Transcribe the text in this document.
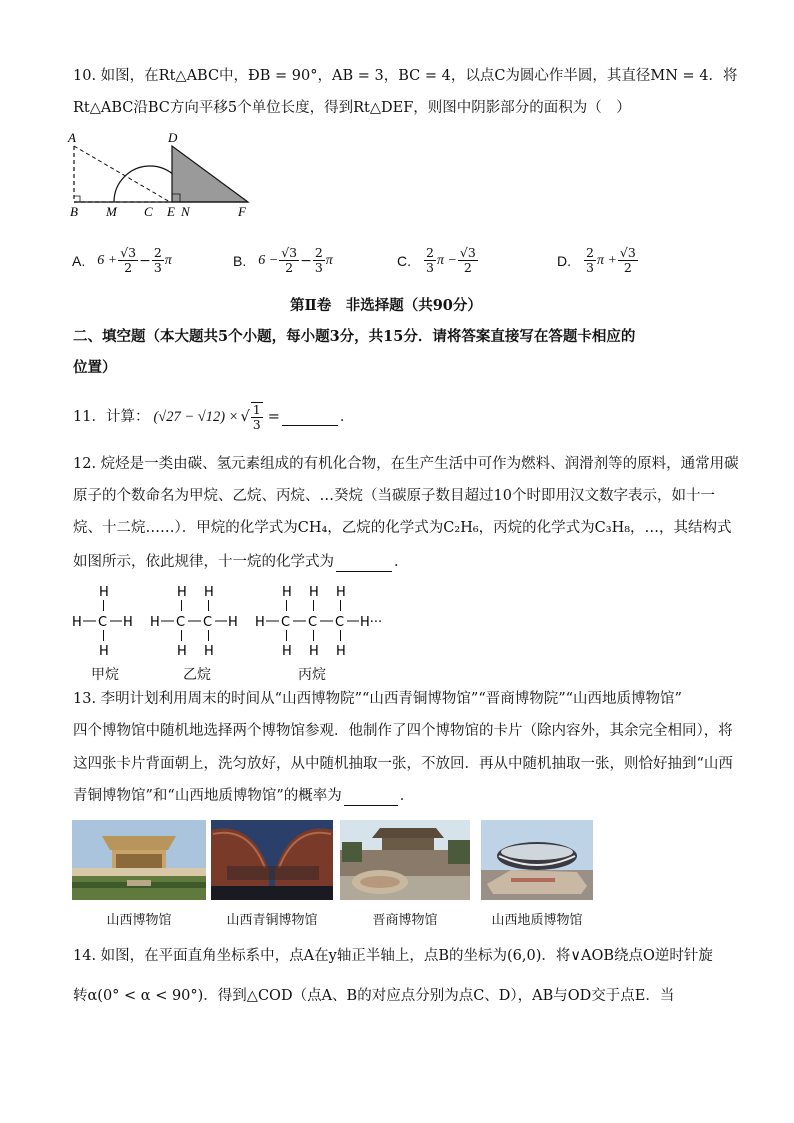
10. 如图，在Rt△ABC中，ÐB = 90°，AB = 3，BC = 4，以点C为圆心作半圆，其直径MN = 4．将
Rt△ABC沿BC方向平移5个单位长度，得到Rt△DEF，则图中阴影部分的面积为（　）
A	D
B M C E N	F
A. $6 + \frac{√3}{2} - \frac{2}{3}$ π	B. $6 - \frac{√3}{2} - \frac{2}{3}$ π	C. $\frac{2}{3}$ $\pi - \frac{√3}{2}$	D. $\frac{2}{3}$ $\pi + \frac{√3}{2}$
第Ⅱ卷　非选择题（共90分）
二、填空题（本大题共5个小题，每小题3分，共15分．请将答案直接写在答题卡相应的
位置）
11．计算： (√27 − √12) × √ $\frac{1}{3}$ =	．
12. 烷烃是一类由碳、氢元素组成的有机化合物，在生产生活中可作为燃料、润滑剂等的原料，通常用碳
原子的个数命名为甲烷、乙烷、丙烷、…癸烷（当碳原子数目超过10个时即用汉文数字表示，如十一
烷、十二烷……）．甲烷的化学式为CH₄，乙烷的化学式为C₂H₆，丙烷的化学式为C₃H₈，…，其结构式
如图所示，依此规律，十一烷的化学式为	．
H
H C H
H
H H
H C C H
H H
H H H
H C C C H···
H H H
甲烷	乙烷	丙烷
13. 李明计划利用周末的时间从“山西博物院”“山西青铜博物馆”“晋商博物院”“山西地质博物馆”
四个博物馆中随机地选择两个博物馆参观．他制作了四个博物馆的卡片（除内容外，其余完全相同），将
这四张卡片背面朝上，洗匀放好，从中随机抽取一张，不放回．再从中随机抽取一张，则恰好抽到“山西
青铜博物馆”和“山西地质博物馆”的概率为	．
山西博物馆	山西青铜博物馆	晋商博物馆	山西地质博物馆
14. 如图，在平面直角坐标系中，点A在y轴正半轴上，点B的坐标为(6,0)．将∨AOB绕点O逆时针旋
转α(0° < α < 90°)．得到△COD（点A、B的对应点分别为点C、D），AB与OD交于点E．当
